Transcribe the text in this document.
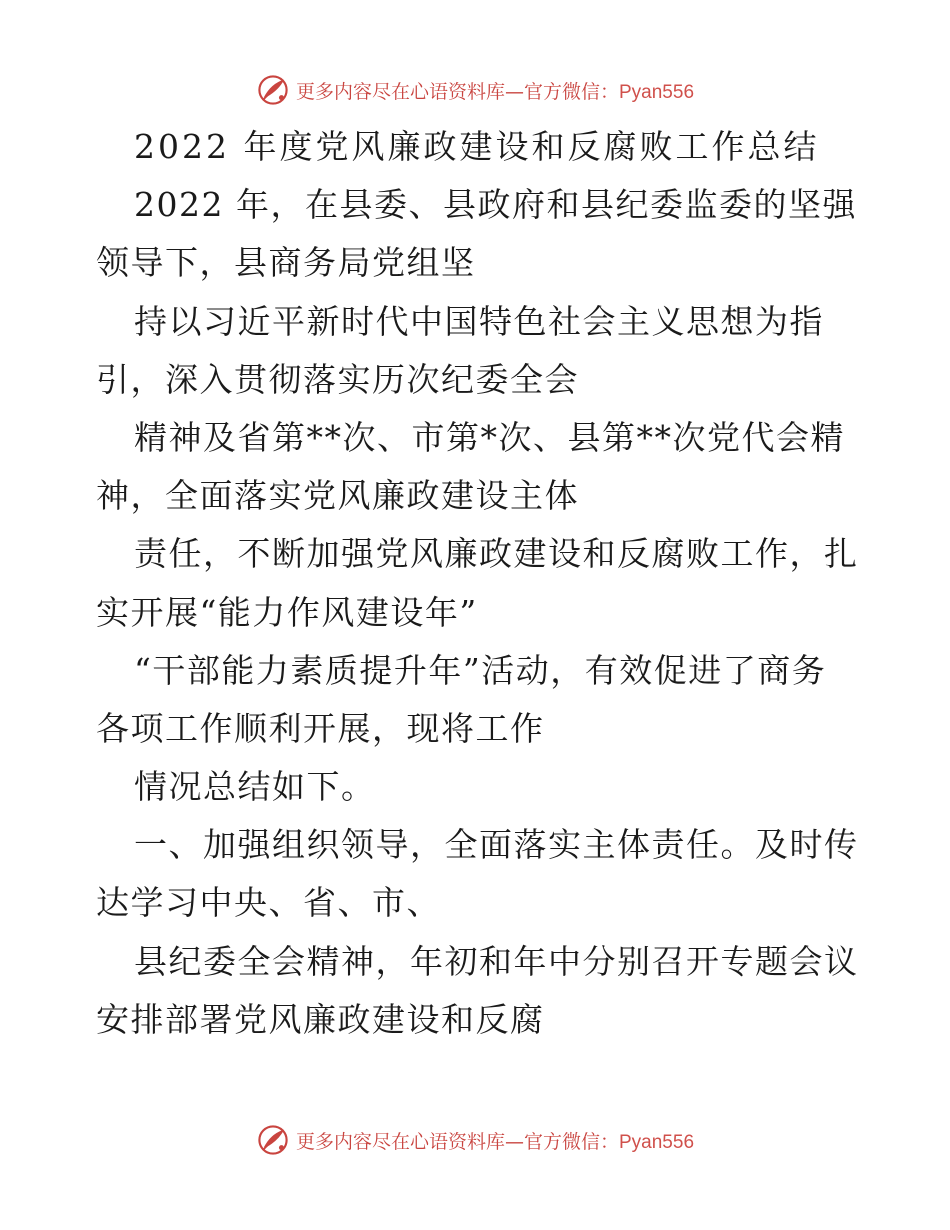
更多内容尽在心语资料库—官方微信：Pyan556
2022 年度党风廉政建设和反腐败工作总结
2022 年，在县委、县政府和县纪委监委的坚强
领导下，县商务局党组坚
持以习近平新时代中国特色社会主义思想为指
引，深入贯彻落实历次纪委全会
精神及省第**次、市第*次、县第**次党代会精
神，全面落实党风廉政建设主体
责任，不断加强党风廉政建设和反腐败工作，扎
实开展“能力作风建设年”
“干部能力素质提升年”活动，有效促进了商务
各项工作顺利开展，现将工作
情况总结如下。
一、加强组织领导，全面落实主体责任。及时传
达学习中央、省、市、
县纪委全会精神，年初和年中分别召开专题会议
安排部署党风廉政建设和反腐
更多内容尽在心语资料库—官方微信：Pyan556
